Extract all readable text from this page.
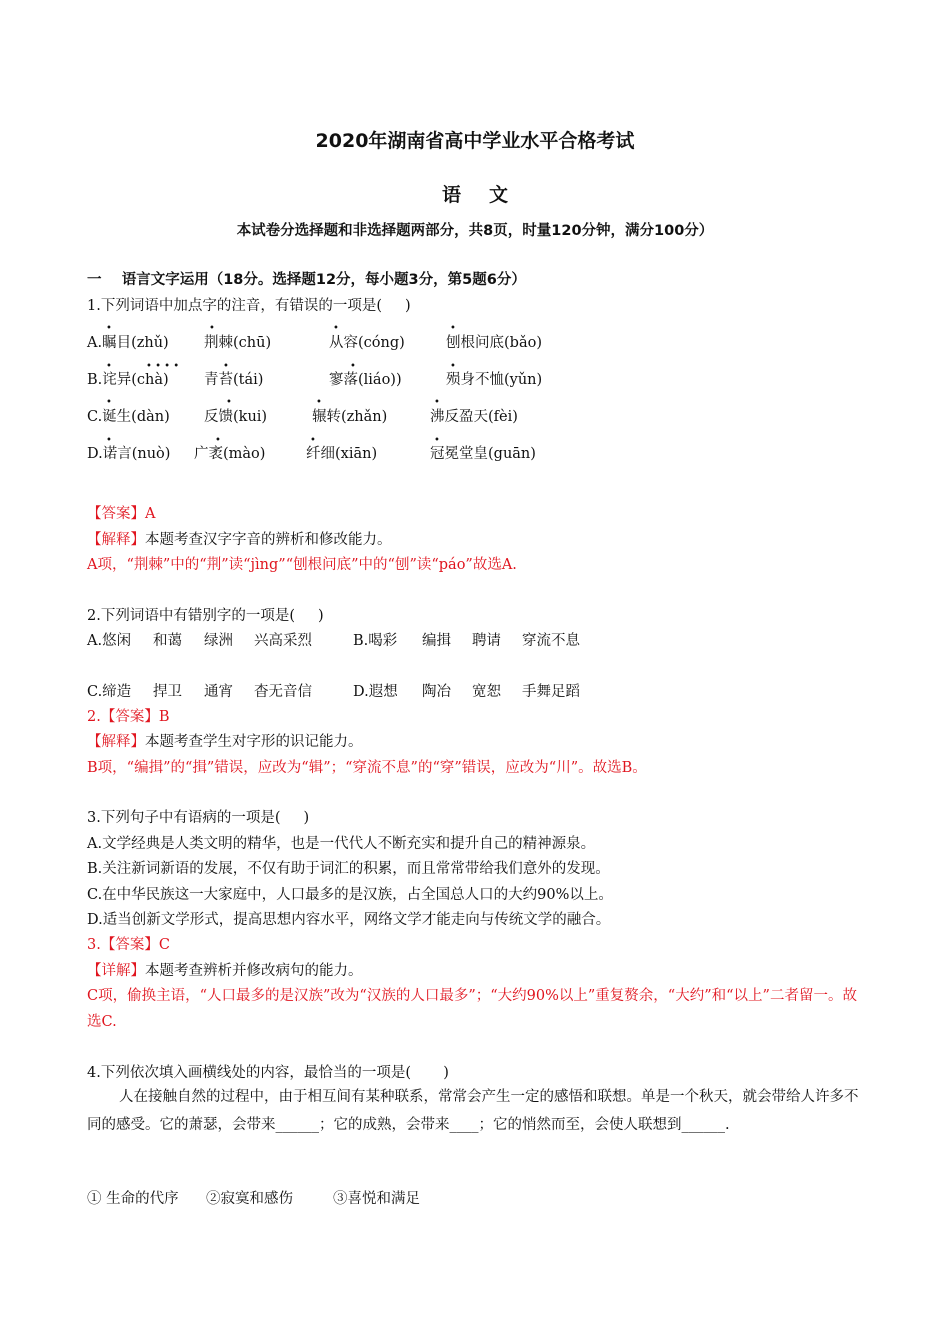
2020年湖南省高中学业水平合格考试
语文
本试卷分选择题和非选择题两部分，共8页，时量120分钟，满分100分）
一    语言文字运用（18分。选择题12分，每小题3分，第5题6分）
1.下列词语中加点字的注音，有错误的一项是(     )
•	•	•	•
A.瞩目(zhǔ) 荆棘(chū)	从容(cóng)	刨根问底(bǎo)
•	• • • •	•	•	•
B.诧异(chà) 青苔(tái)	寥落(liáo))	殒身不恤(yǔn)
•	•	•	•
C.诞生(dàn) 反馈(kui)	辗转(zhǎn)	沸反盈天(fèi)
•	•	•	•
D.诺言(nuò) 广袤(mào)	纤细(xiān)	冠冕堂皇(guān)
【答案】A
【解释】本题考查汉字字音的辨析和修改能力。
A项，“荆棘”中的“荆”读“jìng”“刨根问底”中的“刨”读“páo”故选A.
2.下列词语中有错别字的一项是(     )
A.悠闲 和蔼 绿洲 兴高采烈	B.喝彩 编揖 聘请 穿流不息
C.缔造 捍卫 通宵 杳无音信	D.遐想 陶冶 宽恕 手舞足蹈
2.【答案】B
【解释】本题考查学生对字形的识记能力。
B项，“编揖”的“揖”错误，应改为“辑”；“穿流不息”的“穿”错误，应改为“川”。故选B。
3.下列句子中有语病的一项是(     )
A.文学经典是人类文明的精华，也是一代代人不断充实和提升自己的精神源泉。
B.关注新词新语的发展，不仅有助于词汇的积累，而且常常带给我们意外的发现。
C.在中华民族这一大家庭中，人口最多的是汉族，占全国总人口的大约90%以上。
D.适当创新文学形式，提高思想内容水平，网络文学才能走向与传统文学的融合。
3.【答案】C
【详解】本题考查辨析并修改病句的能力。
C项，偷换主语，“人口最多的是汉族”改为“汉族的人口最多”；“大约90%以上”重复赘余，“大约”和“以上”二者留一。故选C.
4.下列依次填入画横线处的内容，最恰当的一项是(       )
人在接触自然的过程中，由于相互间有某种联系，常常会产生一定的感悟和联想。单是一个秋天，就会带给人许多不同的感受。它的萧瑟，会带来______；它的成熟，会带来____；它的悄然而至，会使人联想到______.
① 生命的代序 ②寂寞和感伤	③喜悦和满足
